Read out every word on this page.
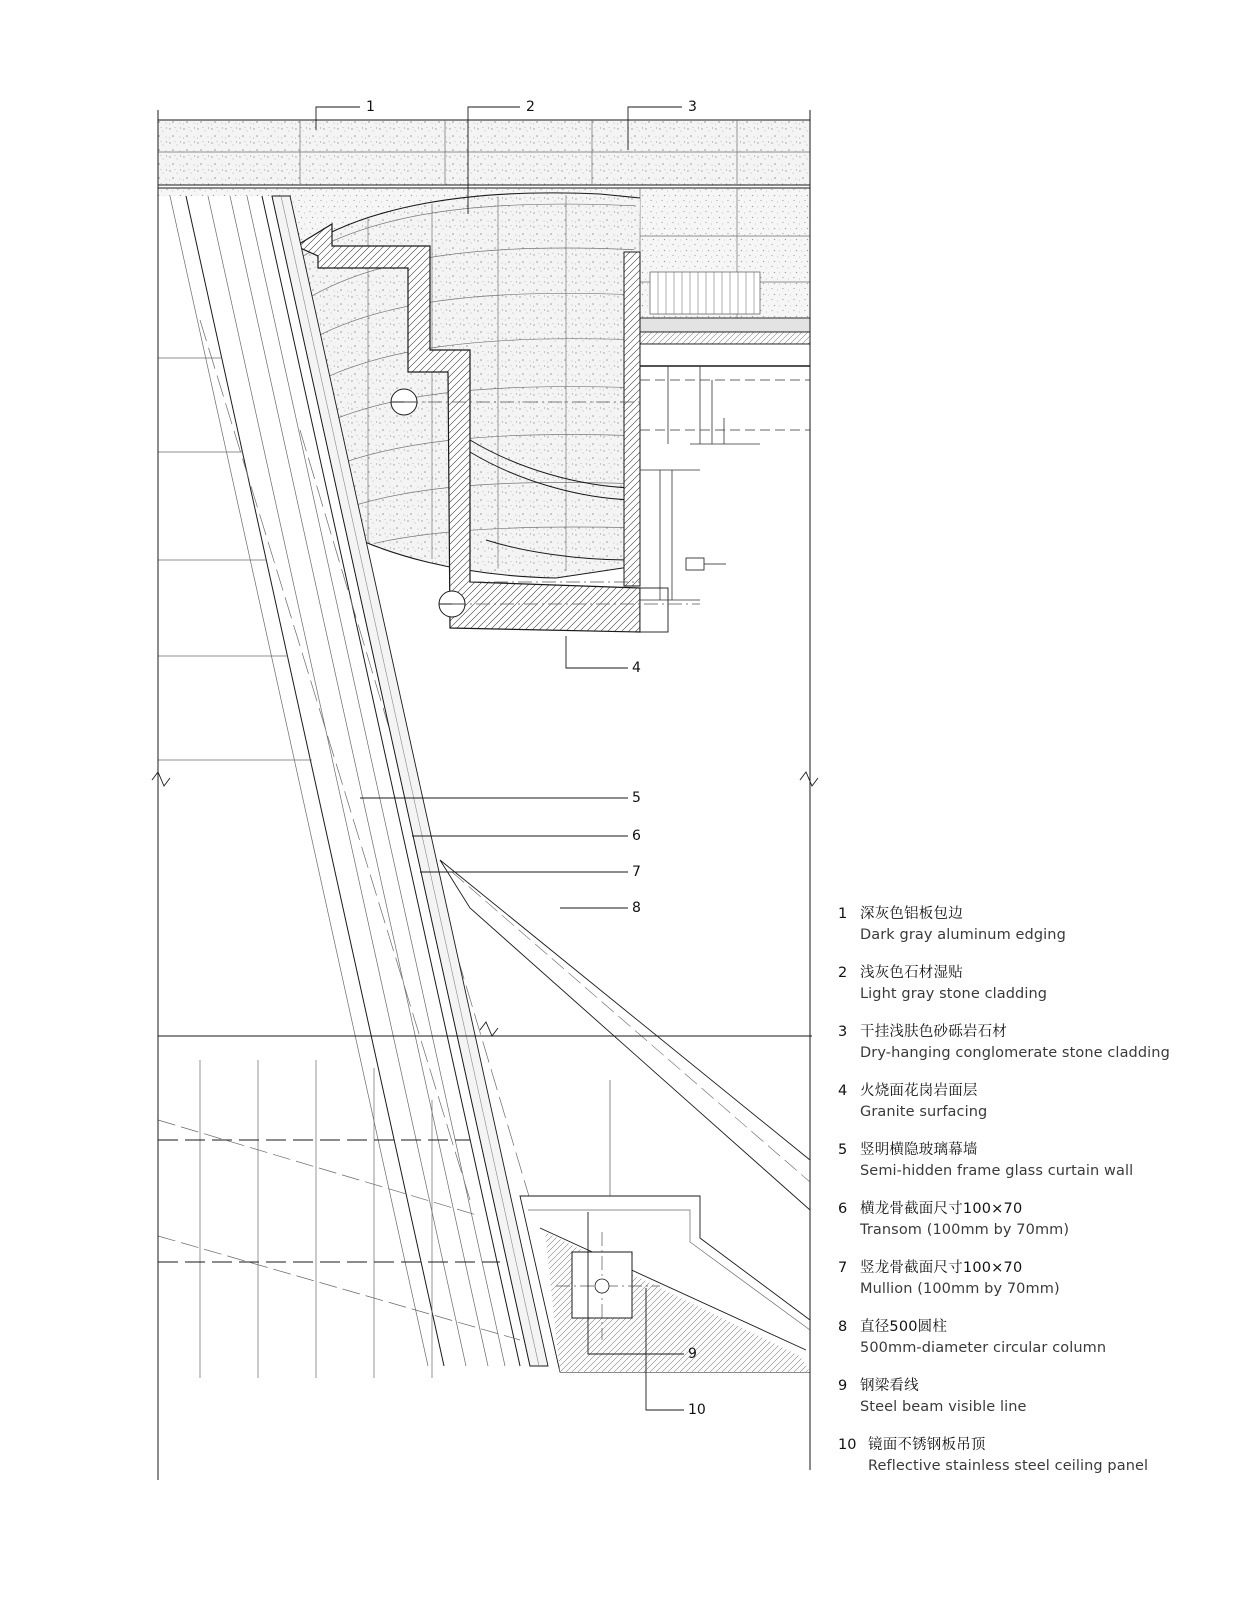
1	2	3
4
5
6
7
8
9
10
1 深灰色铝板包边
Dark gray aluminum edging
2 浅灰色石材湿贴
Light gray stone cladding
3 干挂浅肤色砂砾岩石材
Dry-hanging conglomerate stone cladding
4 火烧面花岗岩面层
Granite surfacing
5 竖明横隐玻璃幕墙
Semi-hidden frame glass curtain wall
6 横龙骨截面尺寸100×70
Transom (100mm by 70mm)
7 竖龙骨截面尺寸100×70
Mullion (100mm by 70mm)
8 直径500圆柱
500mm-diameter circular column
9 钢梁看线
Steel beam visible line
10 镜面不锈钢板吊顶
Reflective stainless steel ceiling panel
